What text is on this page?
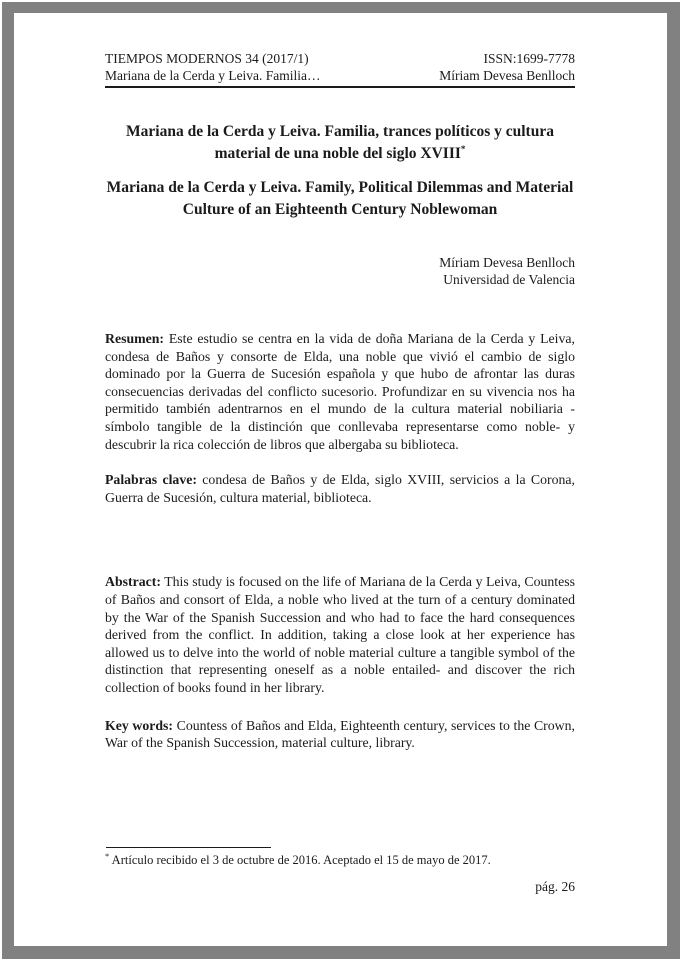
TIEMPOS MODERNOS 34 (2017/1)
Mariana de la Cerda y Leiva. Familia…
ISSN:1699-7778
Míriam Devesa Benlloch
Mariana de la Cerda y Leiva. Familia, trances políticos y cultura material de una noble del siglo XVIII*
Mariana de la Cerda y Leiva. Family, Political Dilemmas and Material Culture of an Eighteenth Century Noblewoman
Míriam Devesa Benlloch
Universidad de Valencia

Resumen: Este estudio se centra en la vida de doña Mariana de la Cerda y Leiva, condesa de Baños y consorte de Elda, una noble que vivió el cambio de siglo dominado por la Guerra de Sucesión española y que hubo de afrontar las duras consecuencias derivadas del conflicto sucesorio. Profundizar en su vivencia nos ha permitido también adentrarnos en el mundo de la cultura material nobiliaria -símbolo tangible de la distinción que conllevaba representarse como noble- y descubrir la rica colección de libros que albergaba su biblioteca.

Palabras clave: condesa de Baños y de Elda, siglo XVIII, servicios a la Corona, Guerra de Sucesión, cultura material, biblioteca.

Abstract: This study is focused on the life of Mariana de la Cerda y Leiva, Countess of Baños and consort of Elda, a noble who lived at the turn of a century dominated by the War of the Spanish Succession and who had to face the hard consequences derived from the conflict. In addition, taking a close look at her experience has allowed us to delve into the world of noble material culture a tangible symbol of the distinction that representing oneself as a noble entailed- and discover the rich collection of books found in her library.

Key words: Countess of Baños and Elda, Eighteenth century, services to the Crown, War of the Spanish Succession, material culture, library.

* Artículo recibido el 3 de octubre de 2016. Aceptado el 15 de mayo de 2017.

pág. 26
